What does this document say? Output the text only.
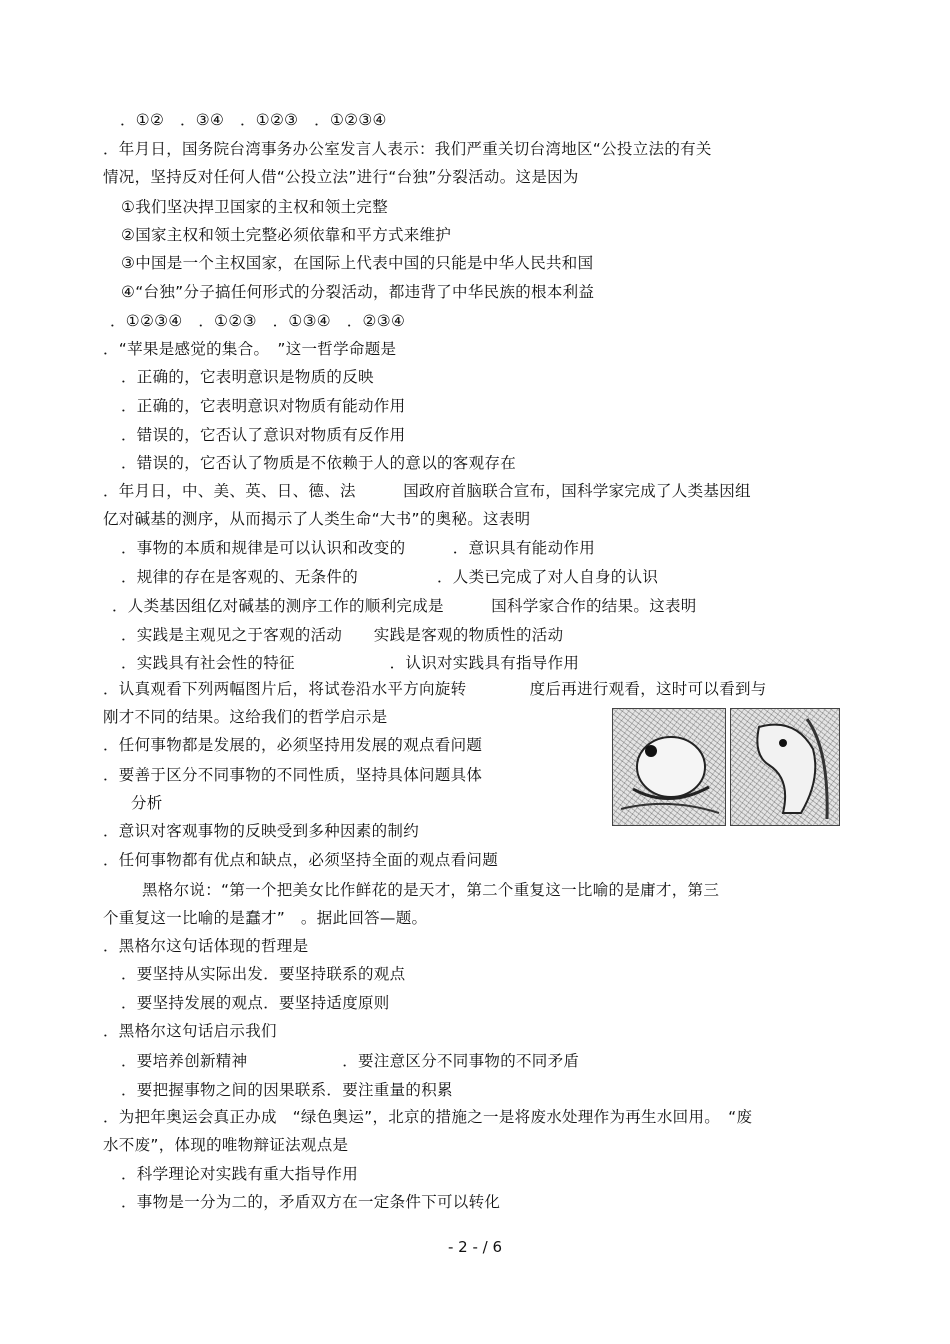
．①②　．③④　．①②③　．①②③④
．年月日，国务院台湾事务办公室发言人表示：我们严重关切台湾地区“公投立法的有关
情况，坚持反对任何人借“公投立法”进行“台独”分裂活动。这是因为
①我们坚决捍卫国家的主权和领土完整
②国家主权和领土完整必须依靠和平方式来维护
③中国是一个主权国家，在国际上代表中国的只能是中华人民共和国
④“台独”分子搞任何形式的分裂活动，都违背了中华民族的根本利益
．①②③④　．①②③　．①③④　．②③④
．“苹果是感觉的集合。　”这一哲学命题是
．正确的，它表明意识是物质的反映
．正确的，它表明意识对物质有能动作用
．错误的，它否认了意识对物质有反作用
．错误的，它否认了物质是不依赖于人的意以的客观存在
．年月日，中、美、英、日、德、法　　　国政府首脑联合宣布，国科学家完成了人类基因组
亿对碱基的测序，从而揭示了人类生命“大书”的奥秘。这表明
．事物的本质和规律是可以认识和改变的　　　．意识具有能动作用
．规律的存在是客观的、无条件的　　　　　．人类已完成了对人自身的认识
．人类基因组亿对碱基的测序工作的顺利完成是　　　国科学家合作的结果。这表明
．实践是主观见之于客观的活动　　实践是客观的物质性的活动
．实践具有社会性的特征　　　　　　．认识对实践具有指导作用
．认真观看下列两幅图片后，将试卷沿水平方向旋转　　　　度后再进行观看，这时可以看到与
刚才不同的结果。这给我们的哲学启示是
．任何事物都是发展的，必须坚持用发展的观点看问题
．要善于区分不同事物的不同性质，坚持具体问题具体
分析
．意识对客观事物的反映受到多种因素的制约
．任何事物都有优点和缺点，必须坚持全面的观点看问题
黑格尔说：“第一个把美女比作鲜花的是天才，第二个重复这一比喻的是庸才，第三
个重复这一比喻的是蠢才”　。据此回答—题。
．黑格尔这句话体现的哲理是
．要坚持从实际出发．要坚持联系的观点
．要坚持发展的观点．要坚持适度原则
．黑格尔这句话启示我们
．要培养创新精神　　　　　　．要注意区分不同事物的不同矛盾
．要把握事物之间的因果联系．要注重量的积累
．为把年奥运会真正办成　“绿色奥运”，北京的措施之一是将废水处理作为再生水回用。　“废
水不废”，体现的唯物辩证法观点是
．科学理论对实践有重大指导作用
．事物是一分为二的，矛盾双方在一定条件下可以转化
- 2 - / 6
